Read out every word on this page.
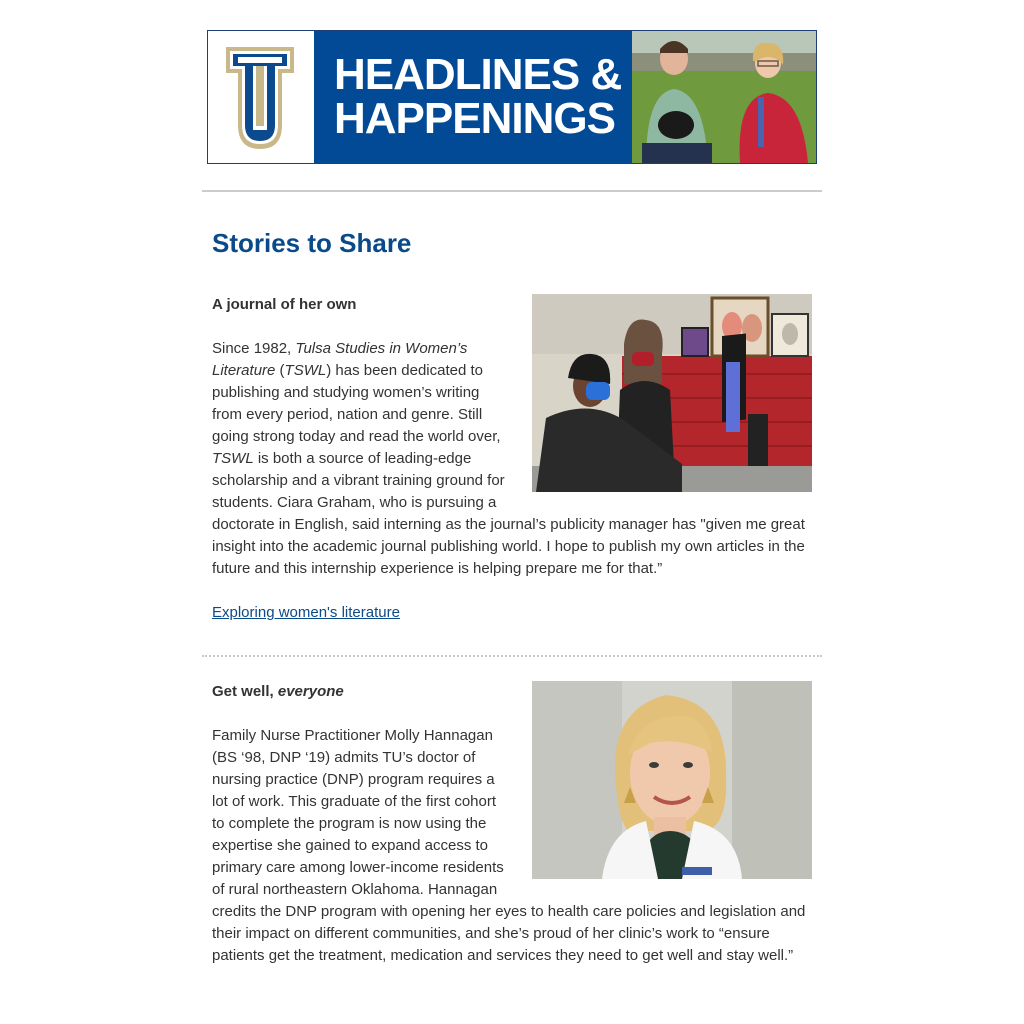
HEADLINES &
HAPPENINGS
Stories to Share

A journal of her own

Since 1982, Tulsa Studies in Women’s Literature (TSWL) has been dedicated to publishing and studying women’s writing from every period, nation and genre. Still going strong today and read the world over, TSWL is both a source of leading-edge scholarship and a vibrant training ground for students. Ciara Graham, who is pursuing a doctorate in English, said interning as the journal’s publicity manager has "given me great insight into the academic journal publishing world. I hope to publish my own articles in the future and this internship experience is helping prepare me for that.”

Exploring women's literature

Get well, everyone

Family Nurse Practitioner Molly Hannagan (BS ‘98, DNP ‘19) admits TU’s doctor of nursing practice (DNP) program requires a lot of work. This graduate of the first cohort to complete the program is now using the expertise she gained to expand access to primary care among lower-income residents of rural northeastern Oklahoma. Hannagan credits the DNP program with opening her eyes to health care policies and legislation and their impact on different communities, and she’s proud of her clinic’s work to “ensure patients get the treatment, medication and services they need to get well and stay well.”
